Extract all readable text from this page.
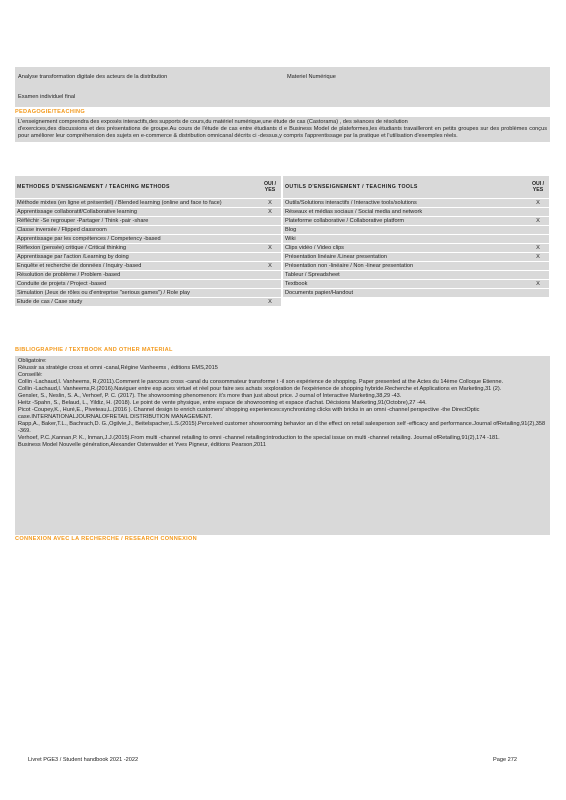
Analyse transformation digitale des acteurs de la distribution	Materiel Numérique
Examen individuel final
PEDAGOGIE/TEACHING

L'enseignement comprendra des exposés interactifs,des supports de cours,du matériel numérique,une étude de cas (Castorama) , des séances de résolution

d'exercices,des discussions et des présentations de groupe.Au cours de l'étude de cas entre étudiants d e Business Model de plateformes,les étudiants travailleront en petits groupes sur des problèmes conçus pour améliorer leur compréhension des sujets en e-commerce & distribution omnicanal décrits ci -dessus,y compris l'apprentissage par la pratique et l'utilisation d'exemples réels.

METHODES D'ENSEIGNEMENT / TEACHING METHODS
OUI / YES
Méthode mixtes (en ligne et présentiel) / Blended learning (online and face to face)	X
Apprentissage collaboratif/Collaborative learning	X
Réfléchir -Se regrouper -Partager / Think -pair -share
Classe inversée / Flipped classroom
Apprentissage par les compétences / Competency -based
Réflexion (pensée) critique / Critical thinking	X
Apprentissage par l'action /Learning by doing
Enquête et recherche de données / Inquiry -based	X
Résolution de problème / Problem -based
Conduite de projets / Project -based
Simulation (Jeux de rôles ou d'entreprise "serious games") / Role play
Etude de cas / Case study	X
OUTILS D'ENSEIGNEMENT / TEACHING TOOLS
OUI / YES
Outils/Solutions interactifs / Interactive tools/solutions	X
Réseaux et médias sociaux / Social media and network
Plateforme collaborative / Collaborative platform	X
Blog
Wiki
Clips vidéo / Video clips	X
Présentation linéaire /Linear presentation	X
Présentation non -linéaire / Non -linear presentation
Tableur / Spreadsheet
Textbook	X
Documents papier/Handout
BIBLIOGRAPHIE / TEXTBOOK AND OTHER MATERIAL

Obligatoire:

Réussir sa stratégie cross et omni -canal,Régine Vanheems , éditions EMS,2015

Conseillé:

Collin -Lachaud,I. Vanheems, R.(2011).Comment le parcours cross -canal du consommateur transforme t -il son expérience de shopping. Paper presented at the Actes du 14ème Colloque Etienne.

Collin -Lachaud,I. Vanheems,R.(2016).Naviguer entre esp aces virtuel et réel pour faire ses achats :exploration de l'expérience de shopping hybride.Recherche et Applications en Marketing,31 (2).

Gensler, S., Neslin, S. A., Verhoef, P. C. (2017). The showrooming phenomenon: it's more than just about price. J ournal of Interactive Marketing,38,29 -43.

Heitz -Spahn, S., Belaud, L., Yildiz, H. (2018). Le point de vente physique, entre espace de showrooming et espace d'achat. Décisions Marketing,91(Octobre),27 -44.

Picot -Coupey,K., Huré,E., Piveteau,L.(2016 ). Channel design to enrich customers' shopping experiences:synchronizing clicks with bricks in an omni -channel perspective -the DirectOptic case.INTERNATIONALJOURNALOFRETAIL DISTRIBUTION MANAGEMENT.

Rapp,A., Baker,T.L., Bachrach,D. G.,Ogilvie,J., Beitelspacher,L.S.(2015).Perceived customer showrooming behavior an d the effect on retail salesperson self -efficacy and performance.Journal ofRetailing,91(2),358 -369.

Verhoef, P.C.,Kannan,P. K., Inman,J.J.(2015).From multi -channel retailing to omni -channel retailing:introduction to the special issue on multi -channel retailing. Journal ofRetailing,91(2),174 -181.

Business Model Nouvelle génération,Alexander Osterwalder et Yves Pigneur, éditions Pearson,2011

CONNEXION AVEC LA RECHERCHE / RESEARCH CONNEXION
Livret PGE3 / Student handbook 2021 -2022	Page 272
